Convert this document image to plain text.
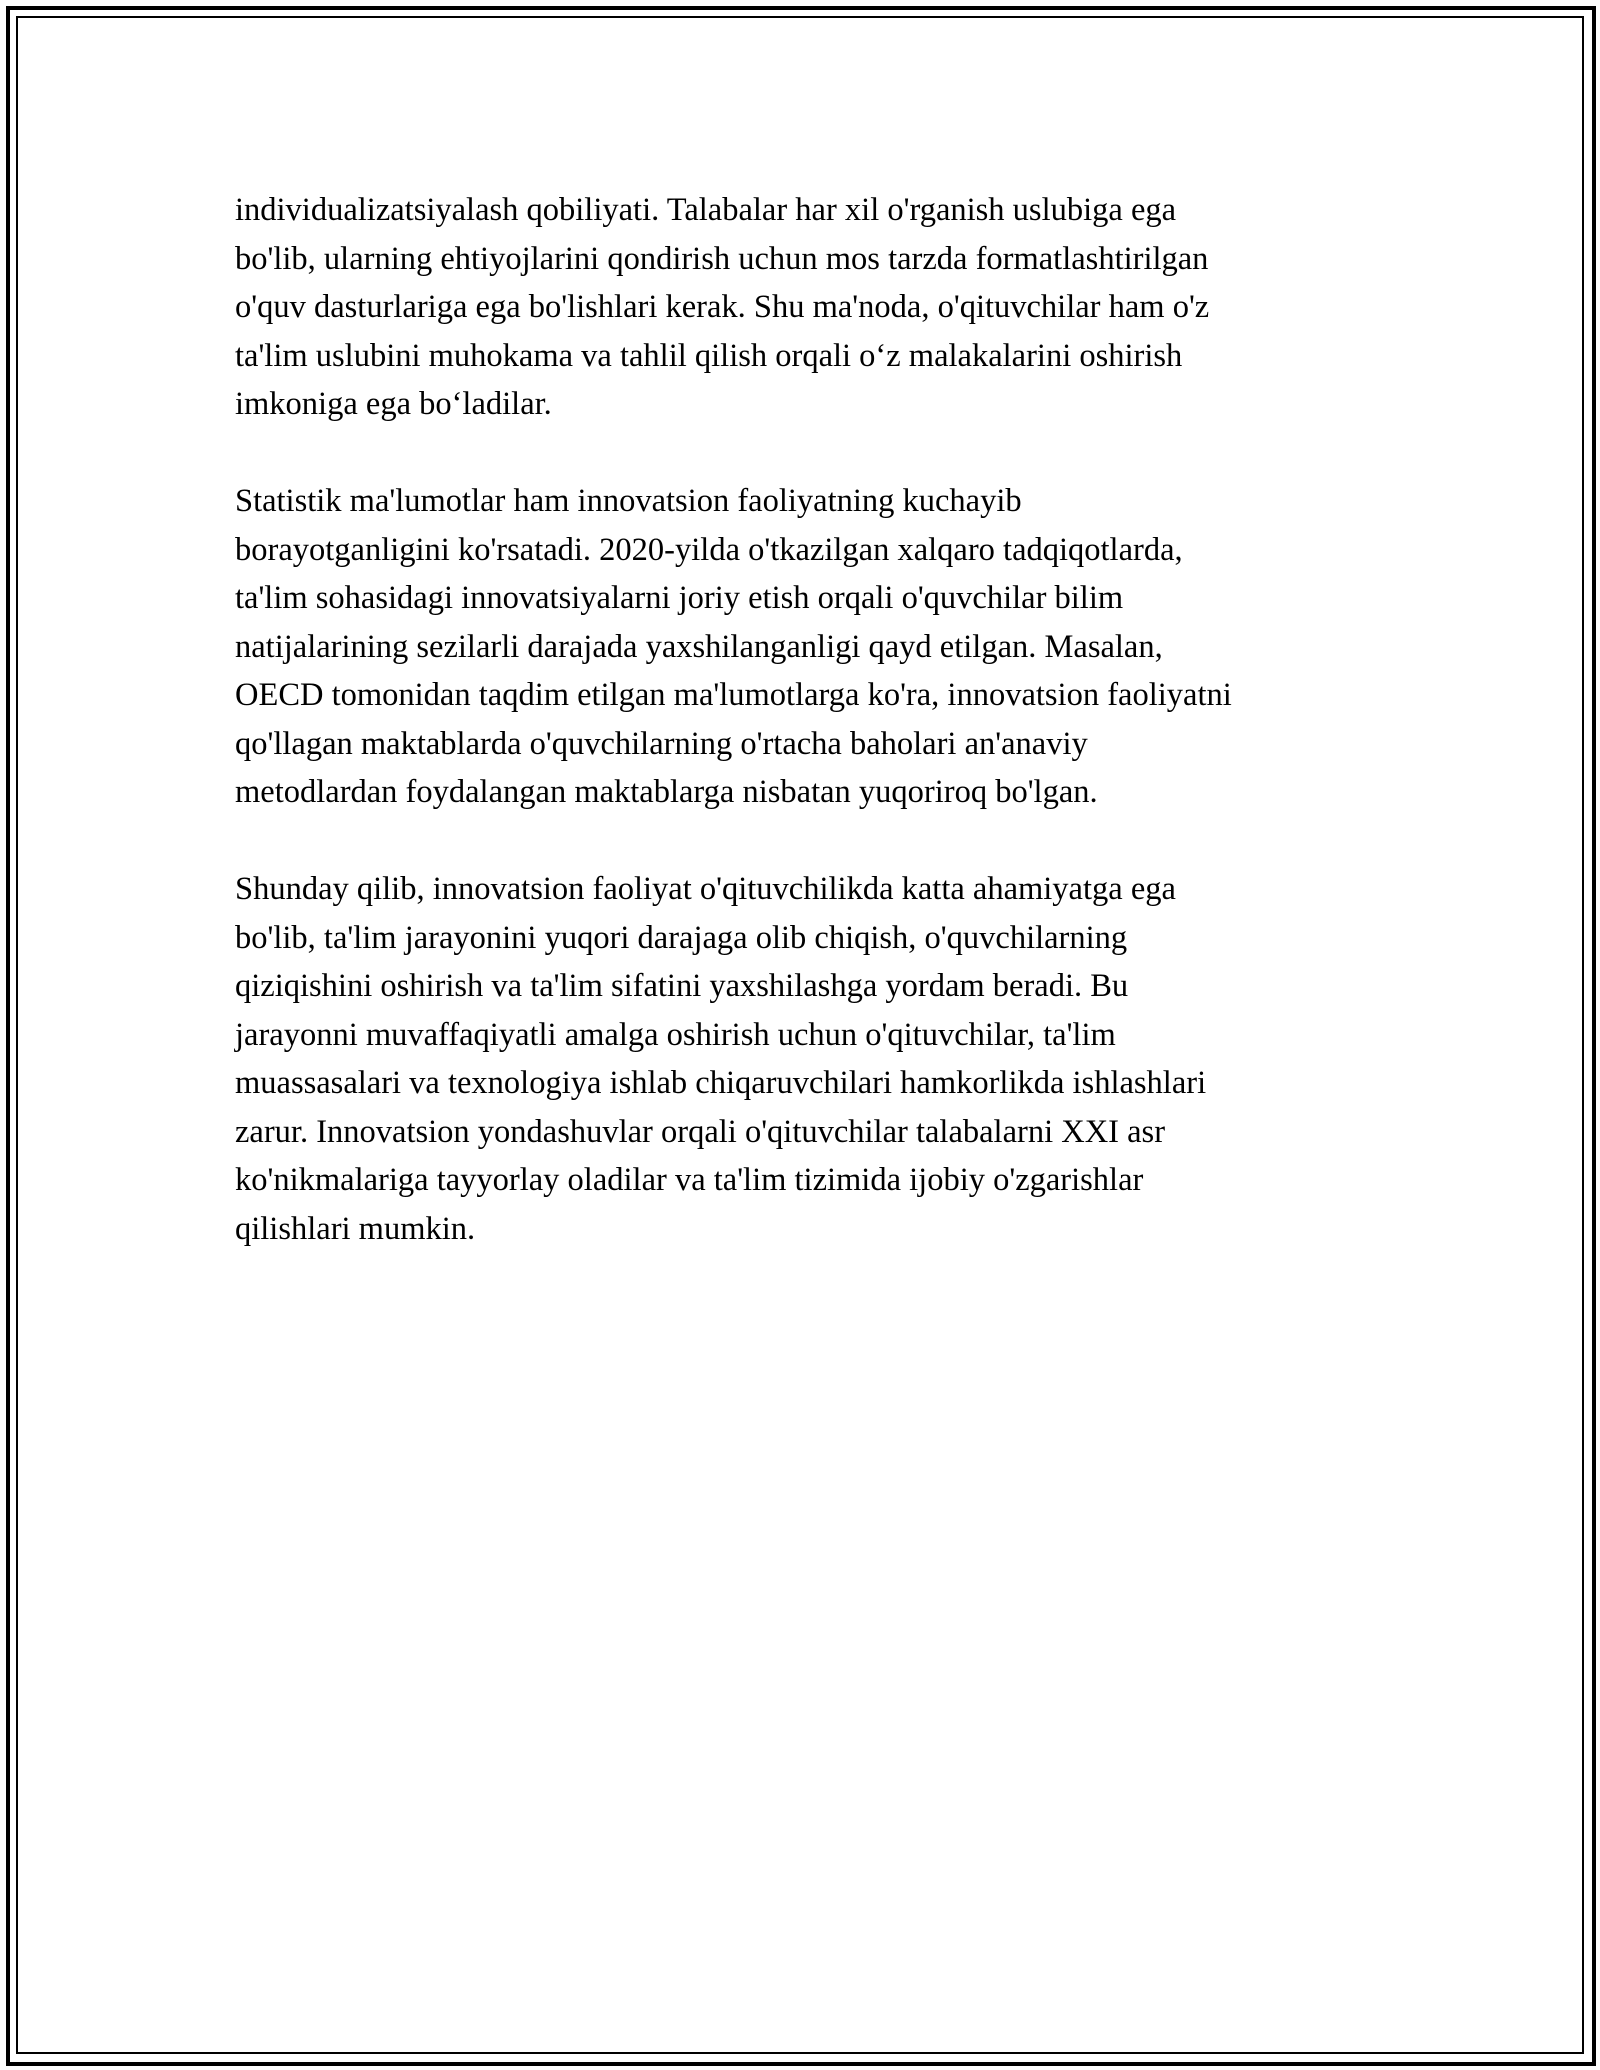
individualizatsiyalash qobiliyati. Talabalar har xil o'rganish uslubiga ega
bo'lib, ularning ehtiyojlarini qondirish uchun mos tarzda formatlashtirilgan
o'quv dasturlariga ega bo'lishlari kerak. Shu ma'noda, o'qituvchilar ham o'z
ta'lim uslubini muhokama va tahlil qilish orqali o‘z malakalarini oshirish
imkoniga ega bo‘ladilar.

Statistik ma'lumotlar ham innovatsion faoliyatning kuchayib
borayotganligini ko'rsatadi. 2020-yilda o'tkazilgan xalqaro tadqiqotlarda,
ta'lim sohasidagi innovatsiyalarni joriy etish orqali o'quvchilar bilim
natijalarining sezilarli darajada yaxshilanganligi qayd etilgan. Masalan,
OECD tomonidan taqdim etilgan ma'lumotlarga ko'ra, innovatsion faoliyatni
qo'llagan maktablarda o'quvchilarning o'rtacha baholari an'anaviy
metodlardan foydalangan maktablarga nisbatan yuqoriroq bo'lgan.

Shunday qilib, innovatsion faoliyat o'qituvchilikda katta ahamiyatga ega
bo'lib, ta'lim jarayonini yuqori darajaga olib chiqish, o'quvchilarning
qiziqishini oshirish va ta'lim sifatini yaxshilashga yordam beradi. Bu
jarayonni muvaffaqiyatli amalga oshirish uchun o'qituvchilar, ta'lim
muassasalari va texnologiya ishlab chiqaruvchilari hamkorlikda ishlashlari
zarur. Innovatsion yondashuvlar orqali o'qituvchilar talabalarni XXI asr
ko'nikmalariga tayyorlay oladilar va ta'lim tizimida ijobiy o'zgarishlar
qilishlari mumkin.
